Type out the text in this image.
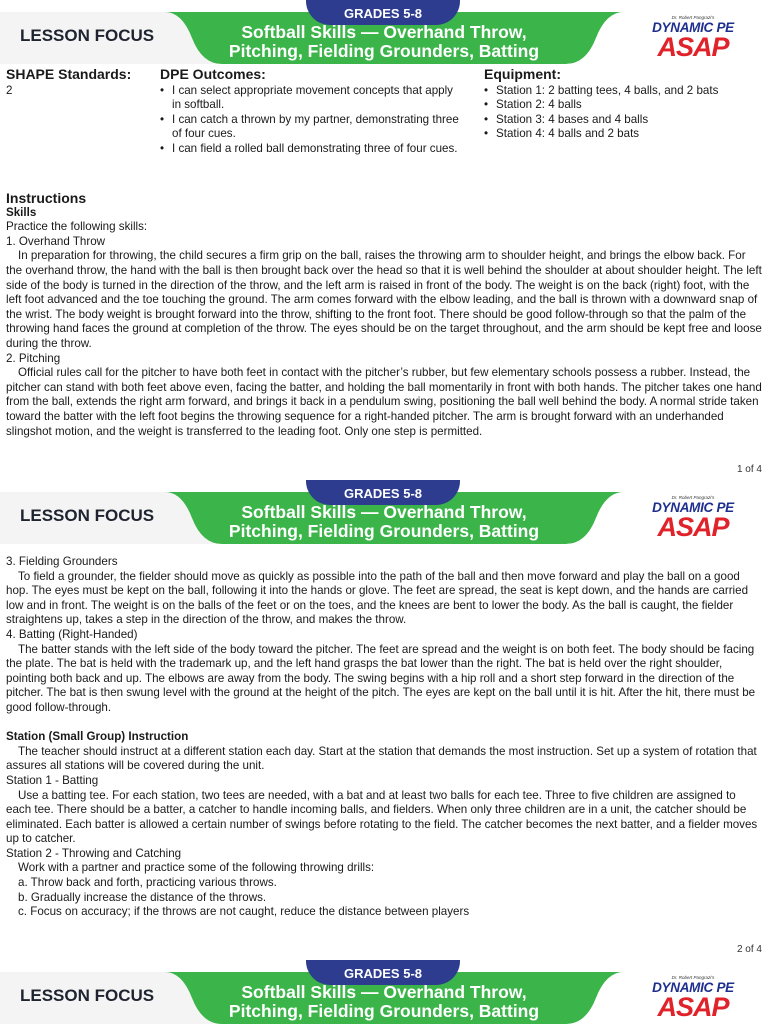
GRADES 5-8
LESSON FOCUS	Softball Skills — Overhand Throw,
Pitching, Fielding Grounders, Batting
Dr. Robert Pangrazi's
DYNAMIC PE
ASAP
SHAPE Standards:
2
DPE Outcomes:
• I can select appropriate movement concepts that apply in softball.
• I can catch a thrown by my partner, demonstrating three of four cues.
• I can field a rolled ball demonstrating three of four cues.
Equipment:
• Station 1: 2 batting tees, 4 balls, and 2 bats
• Station 2: 4 balls
• Station 3: 4 bases and 4 balls
• Station 4: 4 balls and 2 bats
Instructions
Skills
Practice the following skills:
1. Overhand Throw

In preparation for throwing, the child secures a firm grip on the ball, raises the throwing arm to shoulder height, and brings the elbow back. For the overhand throw, the hand with the ball is then brought back over the head so that it is well behind the shoulder at about shoulder height. The left side of the body is turned in the direction of the throw, and the left arm is raised in front of the body. The weight is on the back (right) foot, with the left foot advanced and the toe touching the ground. The arm comes forward with the elbow leading, and the ball is thrown with a downward snap of the wrist. The body weight is brought forward into the throw, shifting to the front foot. There should be good follow-through so that the palm of the throwing hand faces the ground at completion of the throw. The eyes should be on the target throughout, and the arm should be kept free and loose during the throw.

2. Pitching

Official rules call for the pitcher to have both feet in contact with the pitcher’s rubber, but few elementary schools possess a rubber. Instead, the pitcher can stand with both feet above even, facing the batter, and holding the ball momentarily in front with both hands. The pitcher takes one hand from the ball, extends the right arm forward, and brings it back in a pendulum swing, positioning the ball well behind the body. A normal stride taken toward the batter with the left foot begins the throwing sequence for a right-handed pitcher. The arm is brought forward with an underhanded slingshot motion, and the weight is transferred to the leading foot. Only one step is permitted.

1 of 4
GRADES 5-8
LESSON FOCUS	Softball Skills — Overhand Throw,
Pitching, Fielding Grounders, Batting
Dr. Robert Pangrazi's
DYNAMIC PE
ASAP
3. Fielding Grounders

To field a grounder, the fielder should move as quickly as possible into the path of the ball and then move forward and play the ball on a good hop. The eyes must be kept on the ball, following it into the hands or glove. The feet are spread, the seat is kept down, and the hands are carried low and in front. The weight is on the balls of the feet or on the toes, and the knees are bent to lower the body. As the ball is caught, the fielder straightens up, takes a step in the direction of the throw, and makes the throw.

4. Batting (Right-Handed)

The batter stands with the left side of the body toward the pitcher. The feet are spread and the weight is on both feet. The body should be facing the plate. The bat is held with the trademark up, and the left hand grasps the bat lower than the right. The bat is held over the right shoulder, pointing both back and up. The elbows are away from the body. The swing begins with a hip roll and a short step forward in the direction of the pitcher. The bat is then swung level with the ground at the height of the pitch. The eyes are kept on the ball until it is hit. After the hit, there must be good follow-through.

Station (Small Group) Instruction

The teacher should instruct at a different station each day. Start at the station that demands the most instruction. Set up a system of rotation that assures all stations will be covered during the unit.

Station 1 - Batting

Use a batting tee. For each station, two tees are needed, with a bat and at least two balls for each tee. Three to five children are assigned to each tee. There should be a batter, a catcher to handle incoming balls, and fielders. When only three children are in a unit, the catcher should be eliminated. Each batter is allowed a certain number of swings before rotating to the field. The catcher becomes the next batter, and a fielder moves up to catcher.

Station 2 - Throwing and Catching

Work with a partner and practice some of the following throwing drills:

a. Throw back and forth, practicing various throws.
b. Gradually increase the distance of the throws.
c. Focus on accuracy; if the throws are not caught, reduce the distance between players
2 of 4
GRADES 5-8
LESSON FOCUS	Softball Skills — Overhand Throw,
Pitching, Fielding Grounders, Batting
Dr. Robert Pangrazi's
DYNAMIC PE
ASAP
